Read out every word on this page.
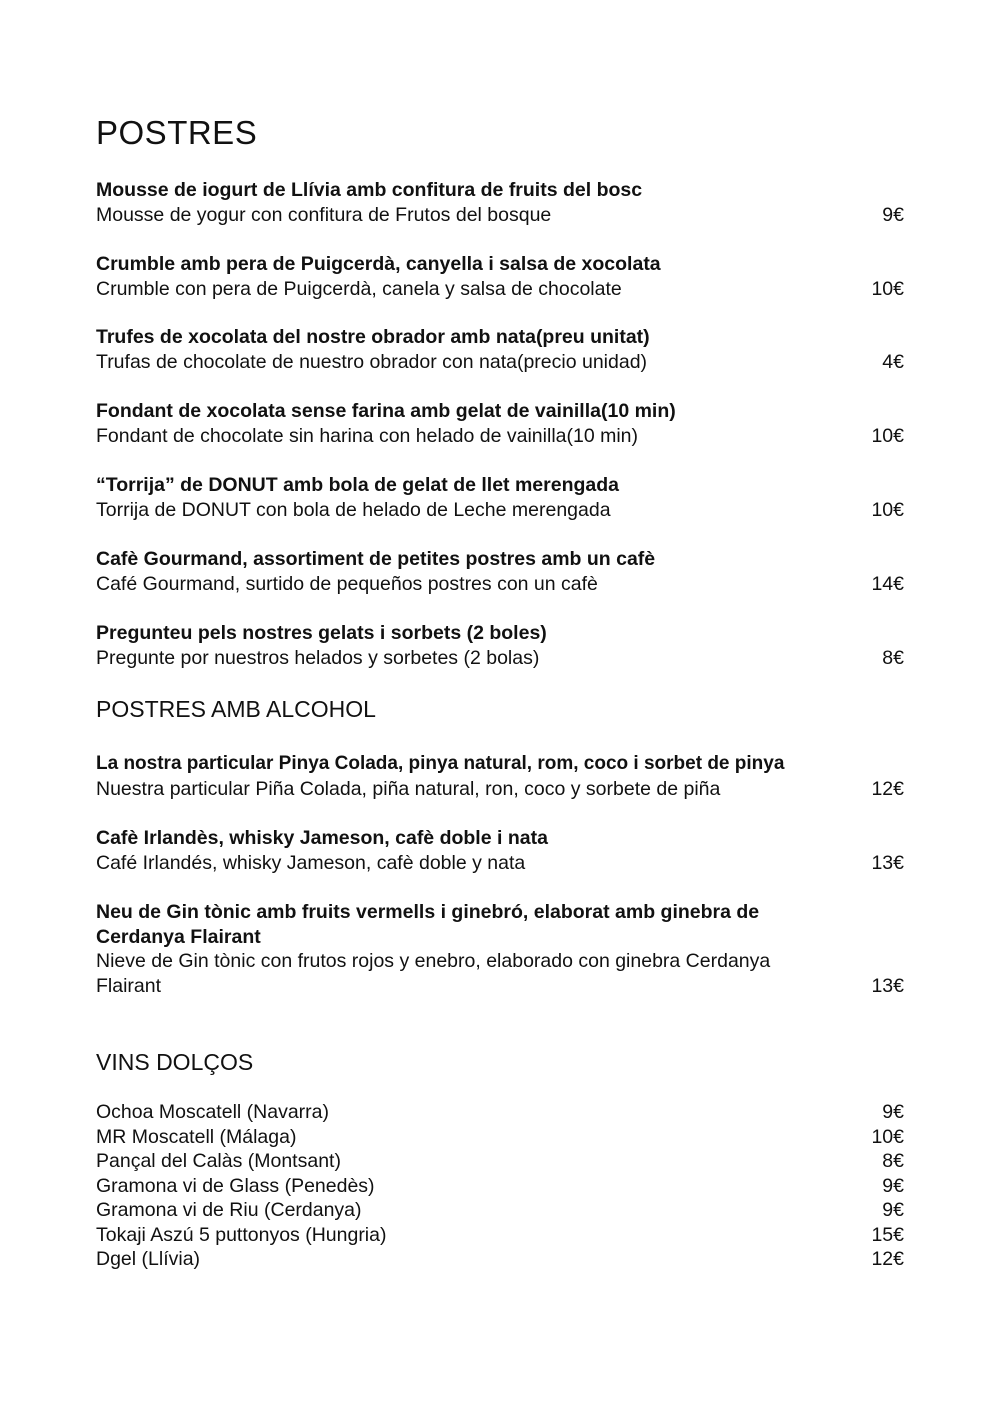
POSTRES
Mousse de iogurt de Llívia amb confitura de fruits del bosc
Mousse de yogur con confitura de Frutos del bosque	9€
Crumble amb pera de Puigcerdà, canyella i salsa de xocolata
Crumble con pera de Puigcerdà, canela y salsa de chocolate	10€
Trufes de xocolata del nostre obrador amb nata(preu unitat)
Trufas de chocolate de nuestro obrador con nata(precio unidad)	4€
Fondant de xocolata sense farina amb gelat de vainilla(10 min)
Fondant de chocolate sin harina con helado de vainilla(10 min)	10€
“Torrija” de DONUT amb bola de gelat de llet merengada
Torrija de DONUT con bola de helado de Leche merengada	10€
Cafè Gourmand, assortiment de petites postres amb un cafè
Café Gourmand, surtido de pequeños postres con un cafè	14€
Pregunteu pels nostres gelats i sorbets (2 boles)
Pregunte por nuestros helados y sorbetes (2 bolas)	8€
POSTRES AMB ALCOHOL
La nostra particular Pinya Colada, pinya natural, rom, coco i sorbet de pinya
Nuestra particular Piña Colada, piña natural, ron, coco y sorbete de piña	12€
Cafè Irlandès, whisky Jameson, cafè doble i nata
Café Irlandés, whisky Jameson, cafè doble y nata	13€
Neu de Gin tònic amb fruits vermells i ginebró, elaborat amb ginebra de Cerdanya Flairant
Nieve de Gin tònic con frutos rojos y enebro, elaborado con ginebra Cerdanya Flairant	13€
VINS DOLÇOS
Ochoa Moscatell (Navarra)	9€
MR Moscatell (Málaga)	10€
Pançal del Calàs (Montsant)	8€
Gramona vi de Glass (Penedès)	9€
Gramona vi de Riu (Cerdanya)	9€
Tokaji Aszú 5 puttonyos (Hungria)	15€
Dgel (Llívia)	12€
